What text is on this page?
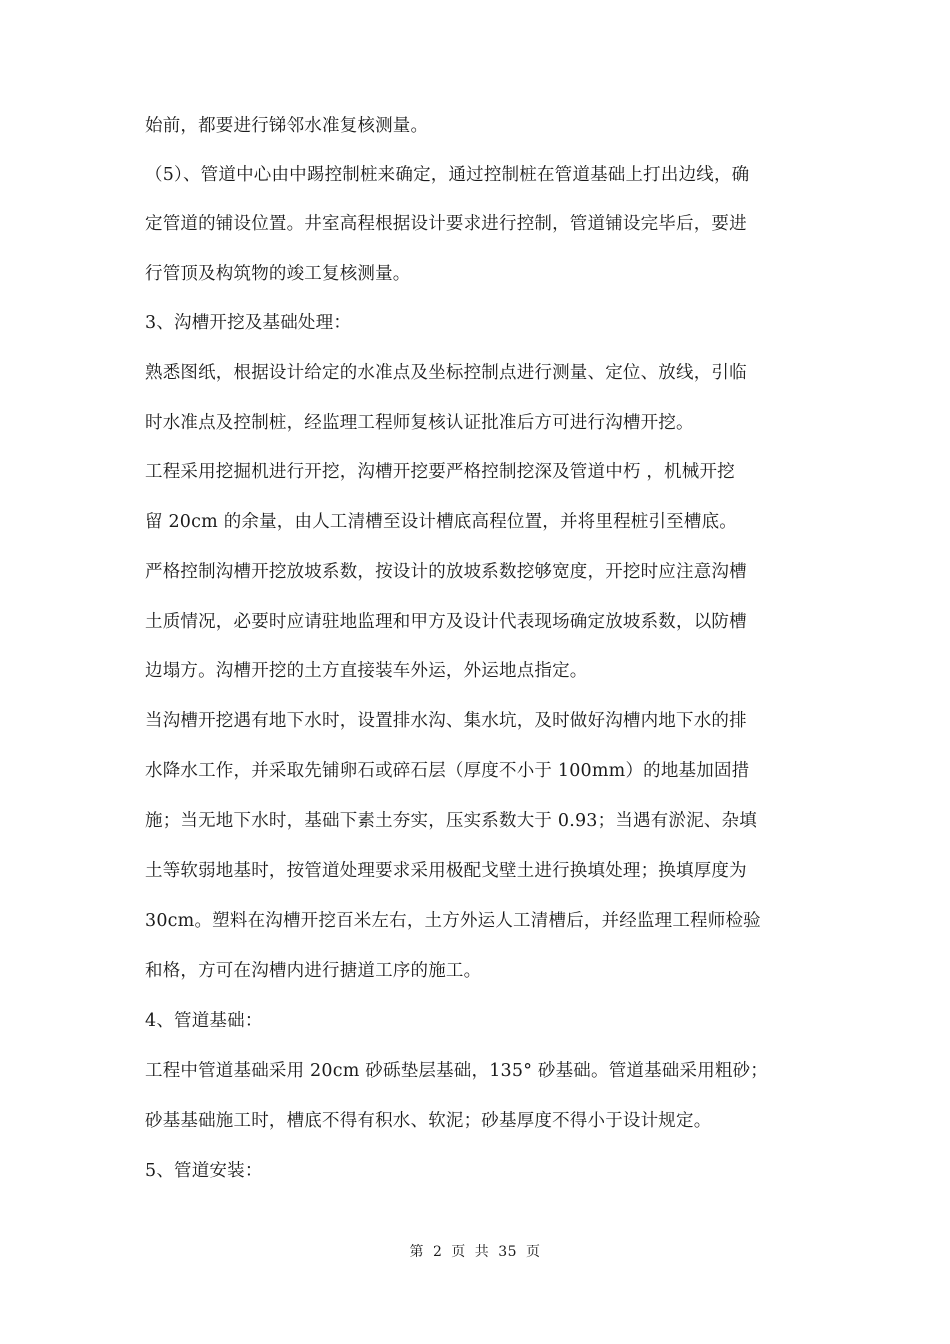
始前，都要进行锑邻水准复核测量。
（5）、管道中心由中踢控制桩来确定，通过控制桩在管道基础上打出边线，确
定管道的铺设位置。井室高程根据设计要求进行控制，管道铺设完毕后，要进
行管顶及构筑物的竣工复核测量。
3、沟槽开挖及基础处理：
熟悉图纸，根据设计给定的水准点及坐标控制点进行测量、定位、放线，引临
时水准点及控制桩，经监理工程师复核认证批准后方可进行沟槽开挖。
工程采用挖掘机进行开挖，沟槽开挖要严格控制挖深及管道中朽 ，机械开挖
留 20cm 的余量，由人工清槽至设计槽底高程位置，并将里程桩引至槽底。
严格控制沟槽开挖放坡系数，按设计的放坡系数挖够宽度，开挖时应注意沟槽
土质情况，必要时应请驻地监理和甲方及设计代表现场确定放坡系数，以防槽
边塌方。沟槽开挖的土方直接装车外运，外运地点指定。
当沟槽开挖遇有地下水时，设置排水沟、集水坑，及时做好沟槽内地下水的排
水降水工作，并采取先铺卵石或碎石层（厚度不小于 100mm）的地基加固措
施；当无地下水时，基础下素土夯实，压实系数大于 0.93；当遇有淤泥、杂填
土等软弱地基时，按管道处理要求采用极配戈壁土进行换填处理；换填厚度为
30cm。塑料在沟槽开挖百米左右，土方外运人工清槽后，并经监理工程师检验
和格，方可在沟槽内进行搪道工序的施工。
4、管道基础：
工程中管道基础采用 20cm 砂砾垫层基础，135° 砂基础。管道基础采用粗砂；
砂基基础施工时，槽底不得有积水、软泥；砂基厚度不得小于设计规定。
5、管道安装：
第 2 页 共 35 页
